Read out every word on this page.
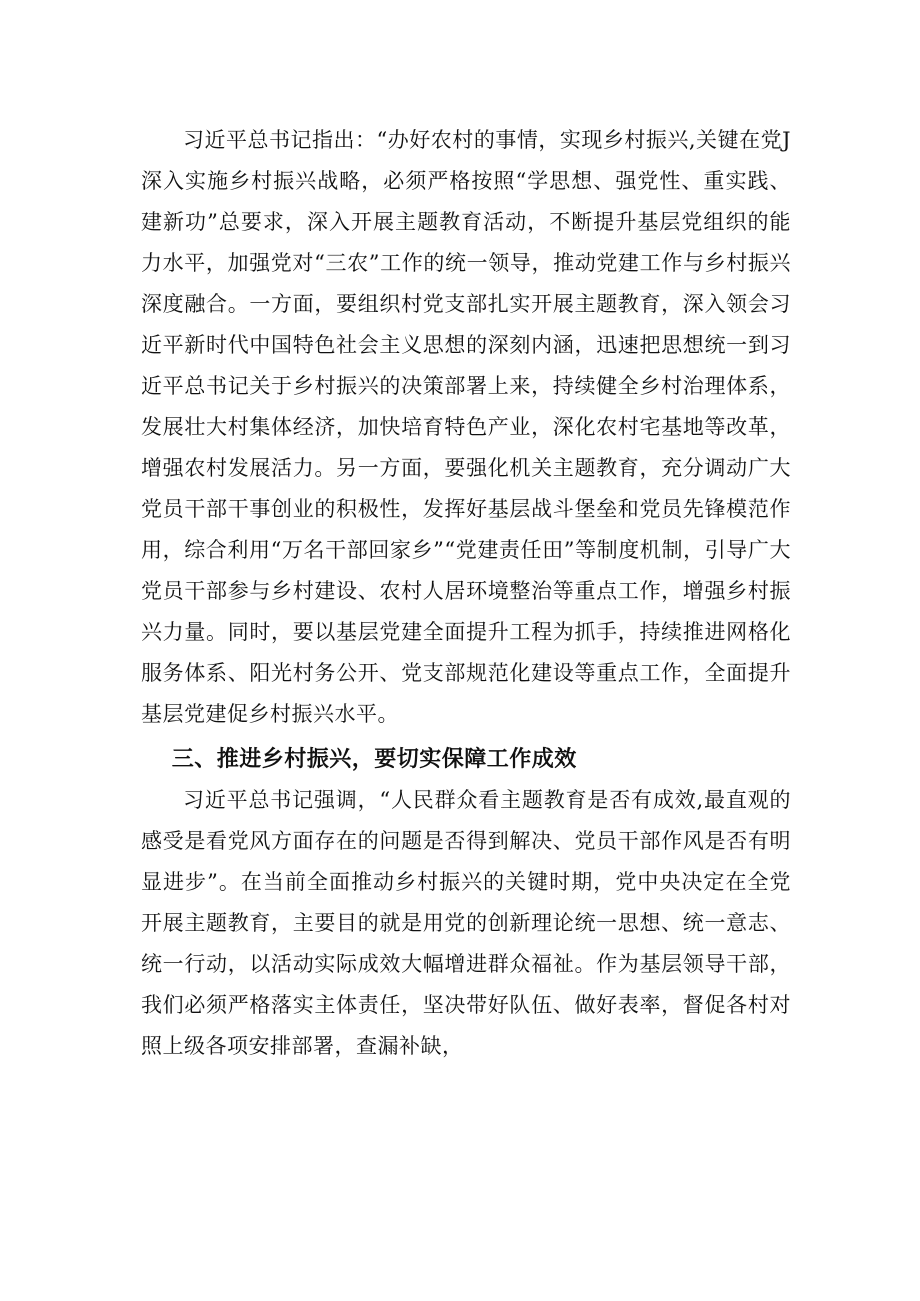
习近平总书记指出：“办好农村的事情，实现乡村振兴,关键在党J深入实施乡村振兴战略，必须严格按照“学思想、强党性、重实践、建新功”总要求，深入开展主题教育活动，不断提升基层党组织的能力水平，加强党对“三农”工作的统一领导，推动党建工作与乡村振兴深度融合。一方面，要组织村党支部扎实开展主题教育，深入领会习近平新时代中国特色社会主义思想的深刻内涵，迅速把思想统一到习近平总书记关于乡村振兴的决策部署上来，持续健全乡村治理体系，发展壮大村集体经济，加快培育特色产业，深化农村宅基地等改革，增强农村发展活力。另一方面，要强化机关主题教育，充分调动广大党员干部干事创业的积极性，发挥好基层战斗堡垒和党员先锋模范作用，综合利用“万名干部回家乡”“党建责任田”等制度机制，引导广大党员干部参与乡村建设、农村人居环境整治等重点工作，增强乡村振兴力量。同时，要以基层党建全面提升工程为抓手，持续推进网格化服务体系、阳光村务公开、党支部规范化建设等重点工作，全面提升基层党建促乡村振兴水平。

三、推进乡村振兴，要切实保障工作成效

习近平总书记强调，“人民群众看主题教育是否有成效,最直观的感受是看党风方面存在的问题是否得到解决、党员干部作风是否有明显进步”。在当前全面推动乡村振兴的关键时期，党中央决定在全党开展主题教育，主要目的就是用党的创新理论统一思想、统一意志、统一行动，以活动实际成效大幅增进群众福祉。作为基层领导干部，我们必须严格落实主体责任，坚决带好队伍、做好表率，督促各村对照上级各项安排部署，查漏补缺，
